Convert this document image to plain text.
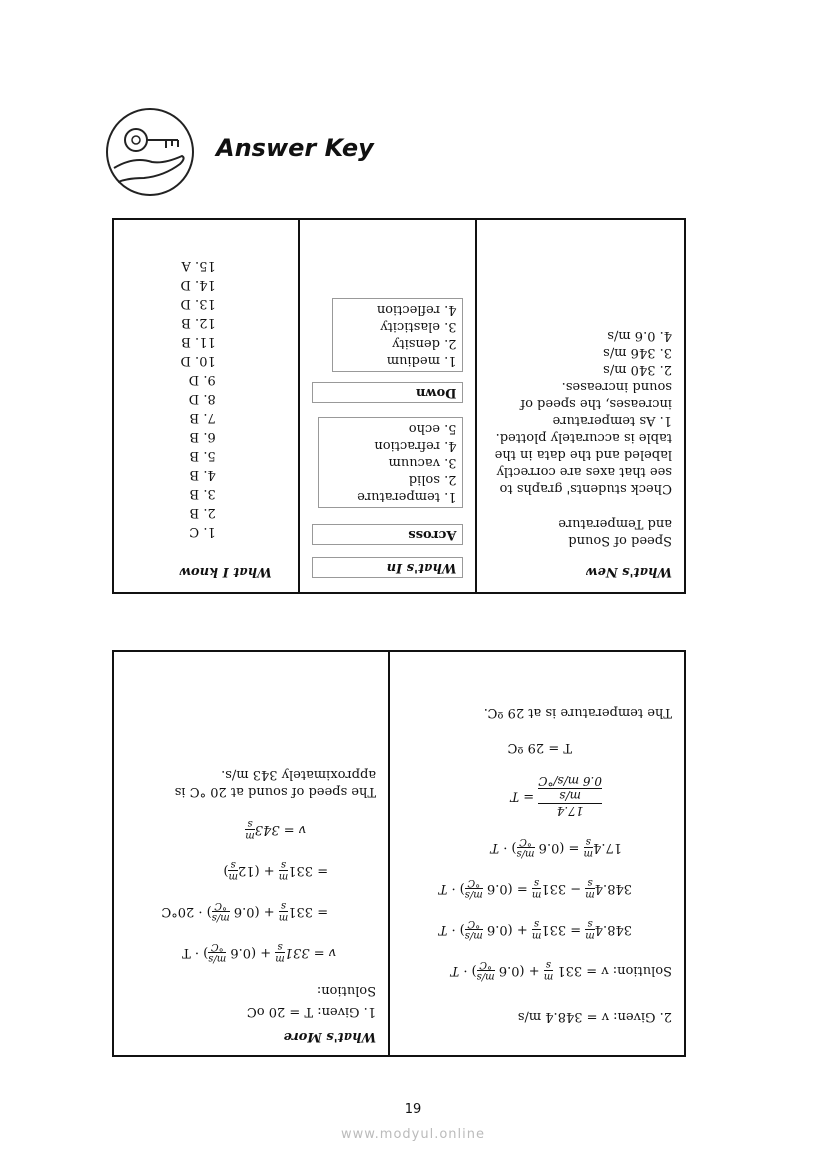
Answer Key
What's New
Speed of Sound and Temperature
Check students' graphs to see that axes are correctly labeled and the data in the table is accurately plotted.
1. As temperature increases, the speed of sound increases.
2. 340 m/s
3. 346 m/s
4. 0.6 m/s
What's In
Across
1. temperature
2. solid
3. vacuum
4. refraction
5. echo
Down
1. medium
2. density
3. elasticity
4. reflection
What I know
1. C
2. B
3. B
4. B
5. B
6. B
7. B
8. D
9. D
10. D
11. B
12. B
13. D
14. D
15. A
2. Given: v = 348.4 m/s
Solution: v = 331
m
s
+ (0.6
m/s
°C
) · T
348.4
m
s
= 331
m
s
+ (0.6
m/s
°C
) · T
348.4
m
s
− 331
m
s
= (0.6
m/s
°C
) · T
17.4
m
s
= (0.6
m/s
°C
) · T
17.4
m/s
0.6 m/s/°C
= T
T = 29 ºC
The temperature is at 29 ºC.
What's More
1. Given: T = 20 oC
Solution:
v = 331
m
s
+ (0.6
m/s
°C
) · T
= 331
m
s
+ (0.6
m/s
°C
) · 20°C
= 331
m
s
+ (12
m
s
)
v = 343
m
s
The speed of sound at 20 °C is approximately 343 m/s.
19
www.modyul.online
